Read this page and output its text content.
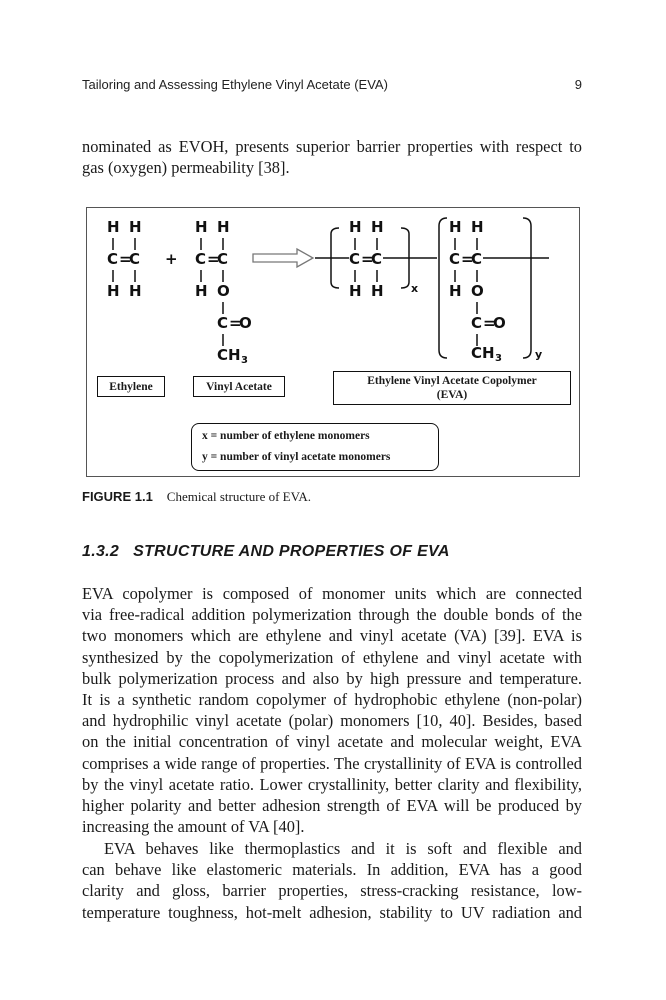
Tailoring and Assessing Ethylene Vinyl Acetate (EVA)	9
nominated as EVOH, presents superior barrier properties with respect to
gas (oxygen) permeability [38].
H H
C =
C
H H
+
H H
C =
C
H O
C =
O
CH 3
H H
C =
C
H H x
H H
C =
C
H O
C =
O
CH 3	y
Ethylene	Vinyl Acetate	Ethylene Vinyl Acetate Copolymer
(EVA)
x = number of ethylene monomers
y = number of vinyl acetate monomers
FIGURE 1.1 Chemical structure of EVA.
1.3.2 STRUCTURE AND PROPERTIES OF EVA
EVA copolymer is composed of monomer units which are connected
via free-radical addition polymerization through the double bonds of the
two monomers which are ethylene and vinyl acetate (VA) [39]. EVA is
synthesized by the copolymerization of ethylene and vinyl acetate with
bulk polymerization process and also by high pressure and temperature.
It is a synthetic random copolymer of hydrophobic ethylene (non-polar)
and hydrophilic vinyl acetate (polar) monomers [10, 40]. Besides, based
on the initial concentration of vinyl acetate and molecular weight, EVA
comprises a wide range of properties. The crystallinity of EVA is controlled
by the vinyl acetate ratio. Lower crystallinity, better clarity and flexibility,
higher polarity and better adhesion strength of EVA will be produced by
increasing the amount of VA [40].
EVA behaves like thermoplastics and it is soft and flexible and
can behave like elastomeric materials. In addition, EVA has a good
clarity and gloss, barrier properties, stress-cracking resistance, low-
temperature toughness, hot-melt adhesion, stability to UV radiation and
